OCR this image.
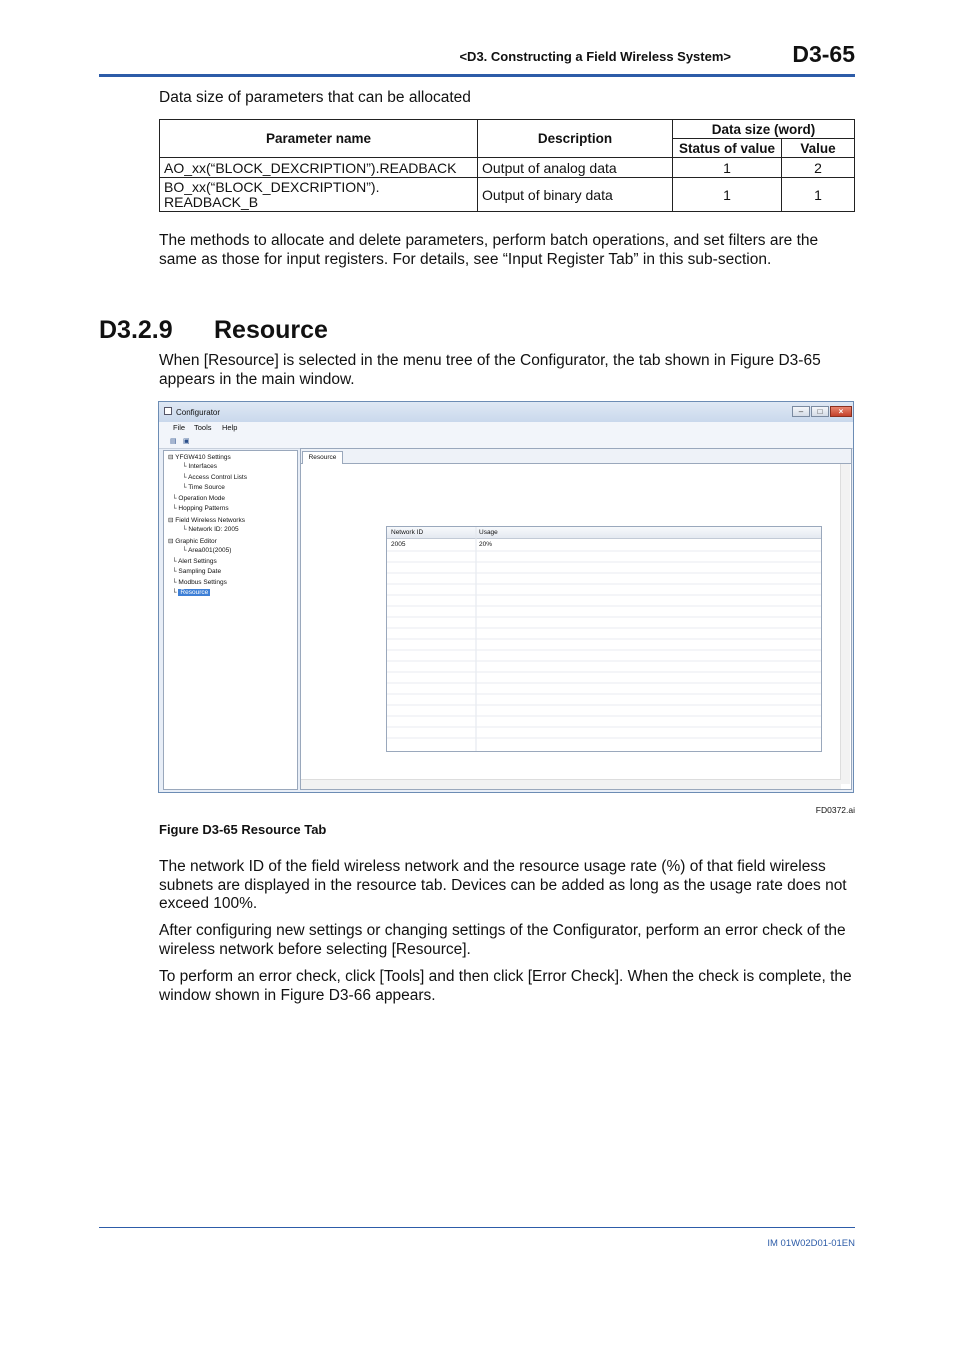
<D3. Constructing a Field Wireless System>	D3-65
Data size of parameters that can be allocated
Parameter name	Description	Data size (word)	
		Status of value	Value
AO_xx(“BLOCK_DEXCRIPTION”).READBACK	Output of analog data	1	2
BO_xx(“BLOCK_DEXCRIPTION”).
READBACK_B	Output of binary data	1	1
The methods to allocate and delete parameters, perform batch operations, and set filters are the same as those for input registers. For details, see “Input Register Tab” in this sub-section.
D3.2.9 Resource
When [Resource] is selected in the menu tree of the Configurator, the tab shown in Figure D3-65 appears in the main window.
Configurator	–	□	×
File Tools Help
▤ ▣
⊟ YFGW410 Settings
└ Interfaces
└ Access Control Lists
└ Time Source
└ Operation Mode
└ Hopping Patterns
⊟ Field Wireless Networks
└ Network ID: 2005
⊟ Graphic Editor
└ Area001(2005)
└ Alert Settings
└ Sampling Date
└ Modbus Settings
└ Resource
Resource
Network ID	Usage
2005	20%
FD0372.ai
Figure D3-65 Resource Tab
The network ID of the field wireless network and the resource usage rate (%) of that field wireless subnets are displayed in the resource tab. Devices can be added as long as the usage rate does not exceed 100%.
After configuring new settings or changing settings of the Configurator, perform an error check of the wireless network before selecting [Resource].
To perform an error check, click [Tools] and then click [Error Check]. When the check is complete, the window shown in Figure D3-66 appears.
IM 01W02D01-01EN
